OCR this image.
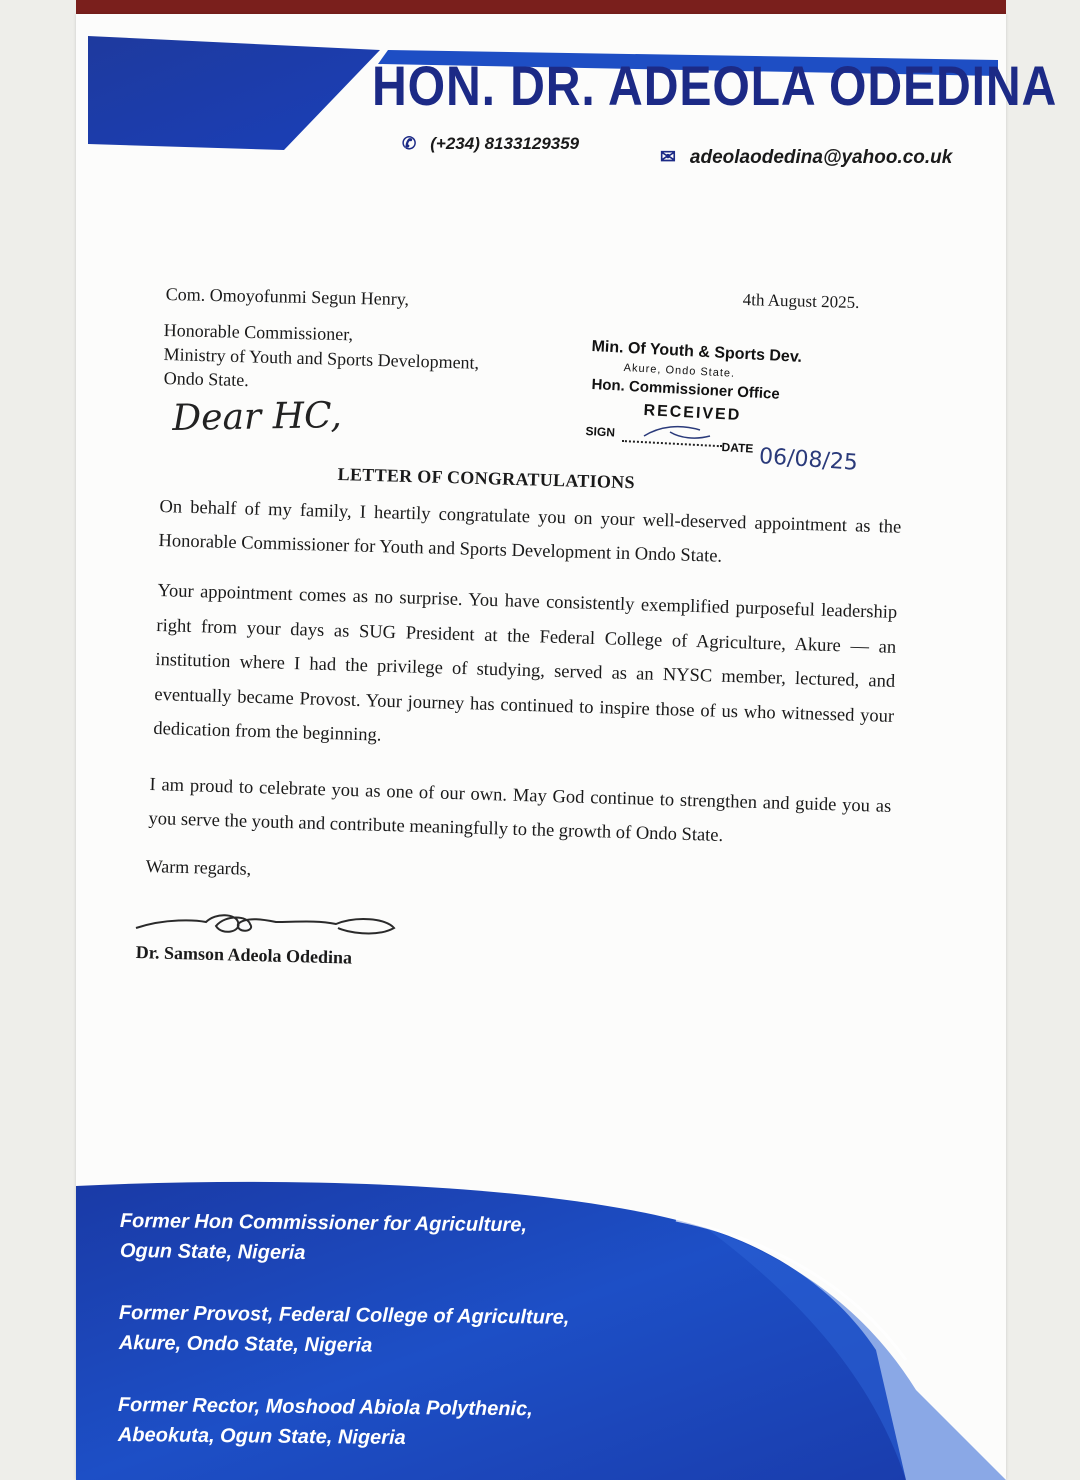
HON. DR. ADEOLA ODEDINA
✆ (+234) 8133129359
✉ adeolaodedina@yahoo.co.uk
4th August 2025.
Com. Omoyofunmi Segun Henry,
Honorable Commissioner,
Ministry of Youth and Sports Development,
Ondo State.
Min. Of Youth & Sports Dev.
Akure, Ondo State.
Hon. Commissioner Office
RECEIVED
SIGN
DATE 06/08/25
Dear HC,
LETTER OF CONGRATULATIONS
On behalf of my family, I heartily congratulate you on your well-deserved appointment as the Honorable Commissioner for Youth and Sports Development in Ondo State.
Your appointment comes as no surprise. You have consistently exemplified purposeful leadership right from your days as SUG President at the Federal College of Agriculture, Akure — an institution where I had the privilege of studying, served as an NYSC member, lectured, and eventually became Provost. Your journey has continued to inspire those of us who witnessed your dedication from the beginning.
I am proud to celebrate you as one of our own. May God continue to strengthen and guide you as you serve the youth and contribute meaningfully to the growth of Ondo State.
Warm regards,
Dr. Samson Adeola Odedina
Former Hon Commissioner for Agriculture,
Ogun State, Nigeria
Former Provost, Federal College of Agriculture,
Akure, Ondo State, Nigeria
Former Rector, Moshood Abiola Polythenic,
Abeokuta, Ogun State, Nigeria
